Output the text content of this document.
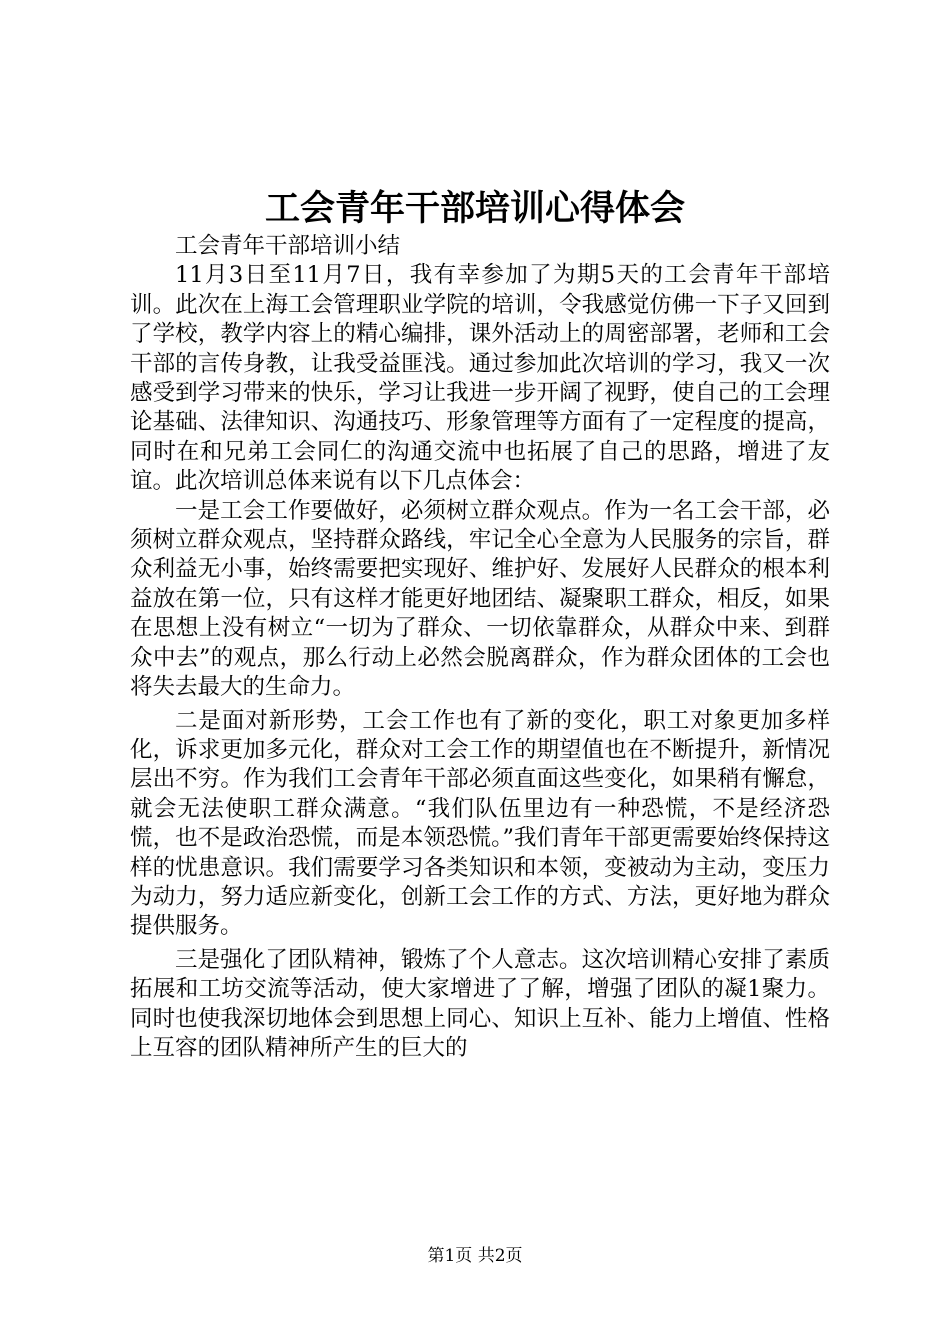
工会青年干部培训心得体会

工会青年干部培训小结

11月3日至11月7日，我有幸参加了为期5天的工会青年干部培训。此次在上海工会管理职业学院的培训，令我感觉仿佛一下子又回到了学校，教学内容上的精心编排，课外活动上的周密部署，老师和工会干部的言传身教，让我受益匪浅。通过参加此次培训的学习，我又一次感受到学习带来的快乐，学习让我进一步开阔了视野，使自己的工会理论基础、法律知识、沟通技巧、形象管理等方面有了一定程度的提高，同时在和兄弟工会同仁的沟通交流中也拓展了自己的思路，增进了友谊。此次培训总体来说有以下几点体会：

一是工会工作要做好，必须树立群众观点。作为一名工会干部，必须树立群众观点，坚持群众路线，牢记全心全意为人民服务的宗旨，群众利益无小事，始终需要把实现好、维护好、发展好人民群众的根本利益放在第一位，只有这样才能更好地团结、凝聚职工群众，相反，如果在思想上没有树立“一切为了群众、一切依靠群众，从群众中来、到群众中去”的观点，那么行动上必然会脱离群众，作为群众团体的工会也将失去最大的生命力。

二是面对新形势，工会工作也有了新的变化，职工对象更加多样化，诉求更加多元化，群众对工会工作的期望值也在不断提升，新情况层出不穷。作为我们工会青年干部必须直面这些变化，如果稍有懈怠，就会无法使职工群众满意。“我们队伍里边有一种恐慌，不是经济恐慌，也不是政治恐慌，而是本领恐慌。”我们青年干部更需要始终保持这样的忧患意识。我们需要学习各类知识和本领，变被动为主动，变压力为动力，努力适应新变化，创新工会工作的方式、方法，更好地为群众提供服务。

三是强化了团队精神，锻炼了个人意志。这次培训精心安排了素质拓展和工坊交流等活动，使大家增进了了解，增强了团队的凝1聚力。同时也使我深切地体会到思想上同心、知识上互补、能力上增值、性格上互容的团队精神所产生的巨大的

第1页 共2页
